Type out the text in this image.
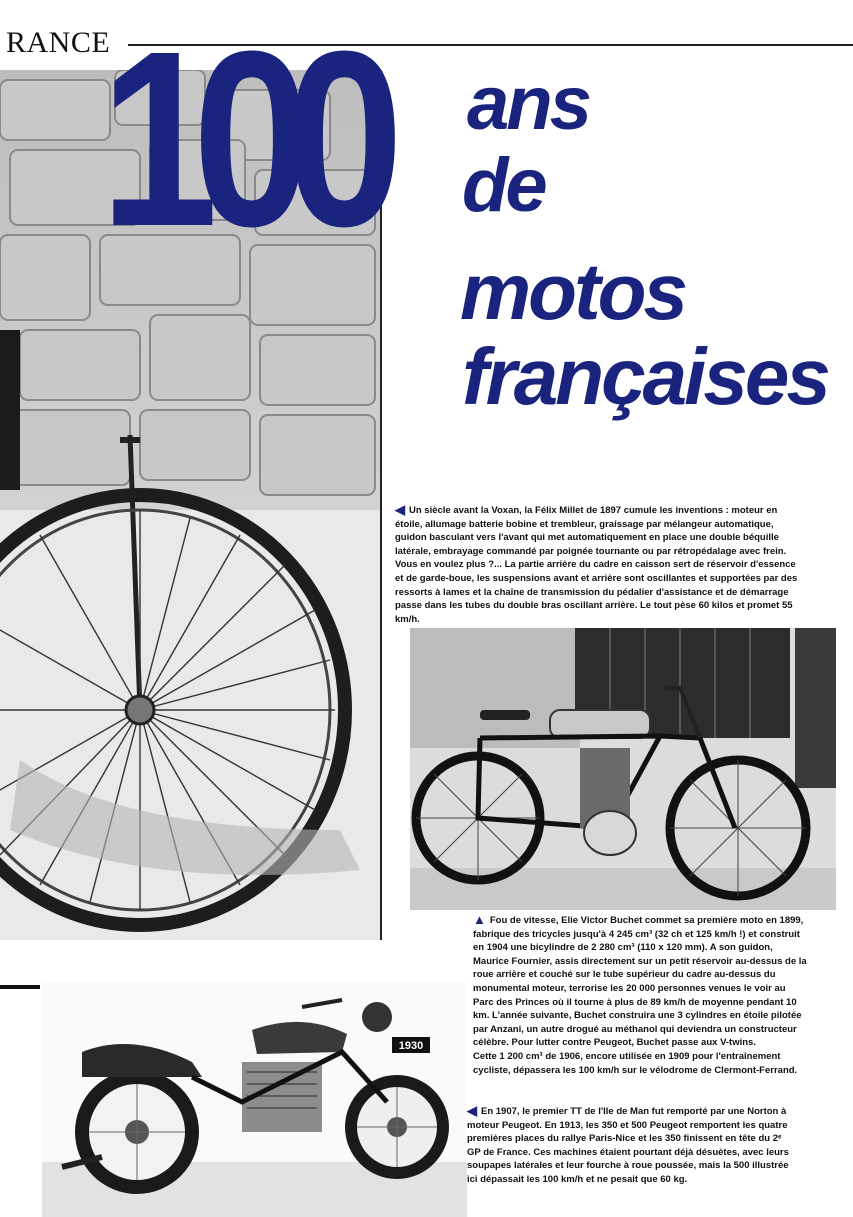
RANCE
100 ans
de
motos
françaises

◀ Un siècle avant la Voxan, la Félix Millet de 1897 cumule les inventions : moteur en étoile, allumage batterie bobine et trembleur, graissage par mélangeur automatique, guidon basculant vers l'avant qui met automatiquement en place une double béquille latérale, embrayage commandé par poignée tournante ou par rétropédalage avec frein. Vous en voulez plus ?... La partie arrière du cadre en caisson sert de réservoir d'essence et de garde-boue, les suspensions avant et arrière sont oscillantes et supportées par des ressorts à lames et la chaîne de transmission du pédalier d'assistance et de démarrage passe dans les tubes du double bras oscillant arrière. Le tout pèse 60 kilos et promet 55 km/h.

▲ Fou de vitesse, Elie Victor Buchet commet sa première moto en 1899, fabrique des tricycles jusqu'à 4 245 cm³ (32 ch et 125 km/h !) et construit en 1904 une bicylindre de 2 280 cm³ (110 x 120 mm). A son guidon, Maurice Fournier, assis directement sur un petit réservoir au-dessus de la roue arrière et couché sur le tube supérieur du cadre au-dessus du monumental moteur, terrorise les 20 000 personnes venues le voir au Parc des Princes où il tourne à plus de 89 km/h de moyenne pendant 10 km. L'année suivante, Buchet construira une 3 cylindres en étoile pilotée par Anzani, un autre drogué au méthanol qui deviendra un constructeur célèbre. Pour lutter contre Peugeot, Buchet passe aux V-twins.

Cette 1 200 cm³ de 1906, encore utilisée en 1909 pour l'entraînement cycliste, dépassera les 100 km/h sur le vélodrome de Clermont-Ferrand.

1930

◀ En 1907, le premier TT de l'Ile de Man fut remporté par une Norton à moteur Peugeot. En 1913, les 350 et 500 Peugeot remportent les quatre premières places du rallye Paris-Nice et les 350 finissent en tête du 2ᵉ GP de France. Ces machines étaient pourtant déjà désuètes, avec leurs soupapes latérales et leur fourche à roue poussée, mais la 500 illustrée ici dépassait les 100 km/h et ne pesait que 60 kg.
